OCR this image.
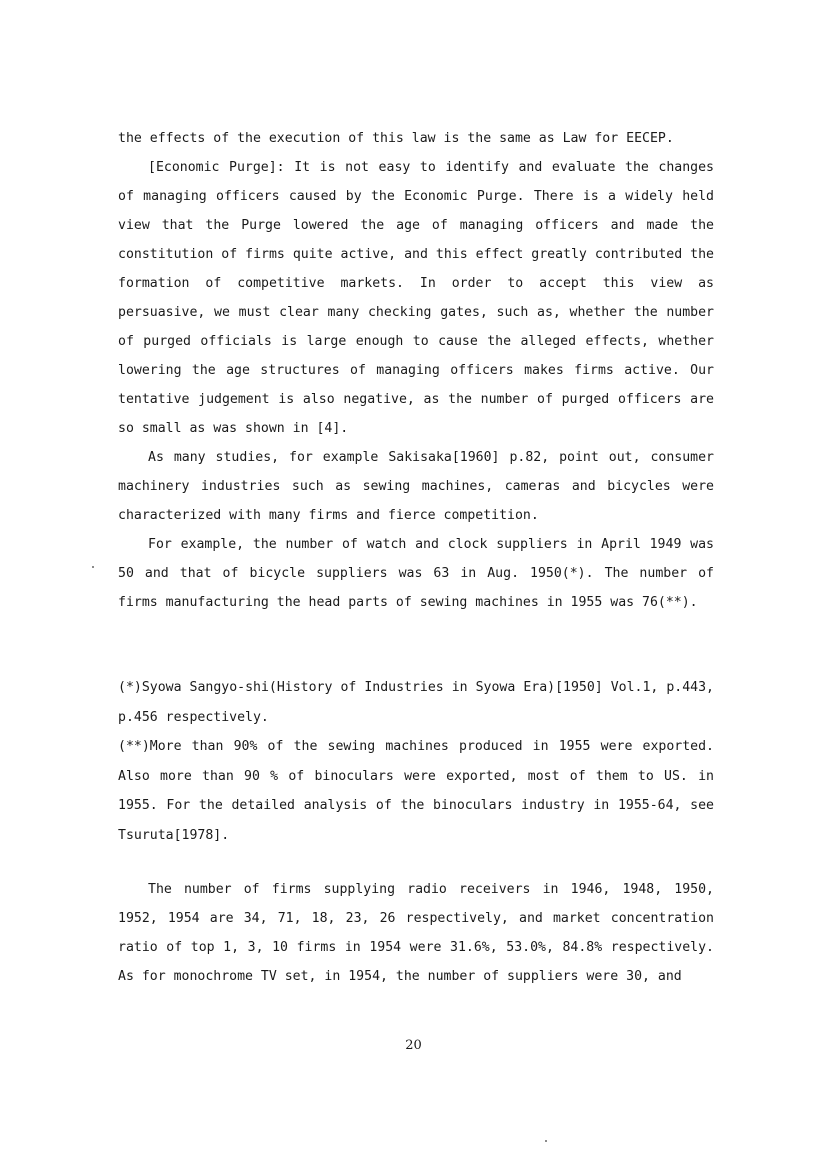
the effects of the execution of this law is the same as Law for EECEP.

[Economic Purge]: It is not easy to identify and evaluate the changes of managing officers caused by the Economic Purge. There is a widely held view that the Purge lowered the age of managing officers and made the constitution of firms quite active, and this effect greatly contributed the formation of competitive markets. In order to accept this view as persuasive, we must clear many checking gates, such as, whether the number of purged officials is large enough to cause the alleged effects, whether lowering the age structures of managing officers makes firms active. Our tentative judgement is also negative, as the number of purged officers are so small as was shown in [4].

As many studies, for example Sakisaka[1960] p.82, point out, consumer machinery industries such as sewing machines, cameras and bicycles were characterized with many firms and fierce competition.

For example, the number of watch and clock suppliers in April 1949 was 50 and that of bicycle suppliers was 63 in Aug. 1950(*). The number of firms manufacturing the head parts of sewing machines in 1955 was 76(**).

(*)Syowa Sangyo-shi(History of Industries in Syowa Era)[1950] Vol.1, p.443, p.456 respectively.

(**)More than 90% of the sewing machines produced in 1955 were exported. Also more than 90 % of binoculars were exported, most of them to US. in 1955. For the detailed analysis of the binoculars industry in 1955-64, see Tsuruta[1978].

The number of firms supplying radio receivers in 1946, 1948, 1950, 1952, 1954 are 34, 71, 18, 23, 26 respectively, and market concentration ratio of top 1, 3, 10 firms in 1954 were 31.6%, 53.0%, 84.8% respectively. As for monochrome TV set, in 1954, the number of suppliers were 30, and

20
